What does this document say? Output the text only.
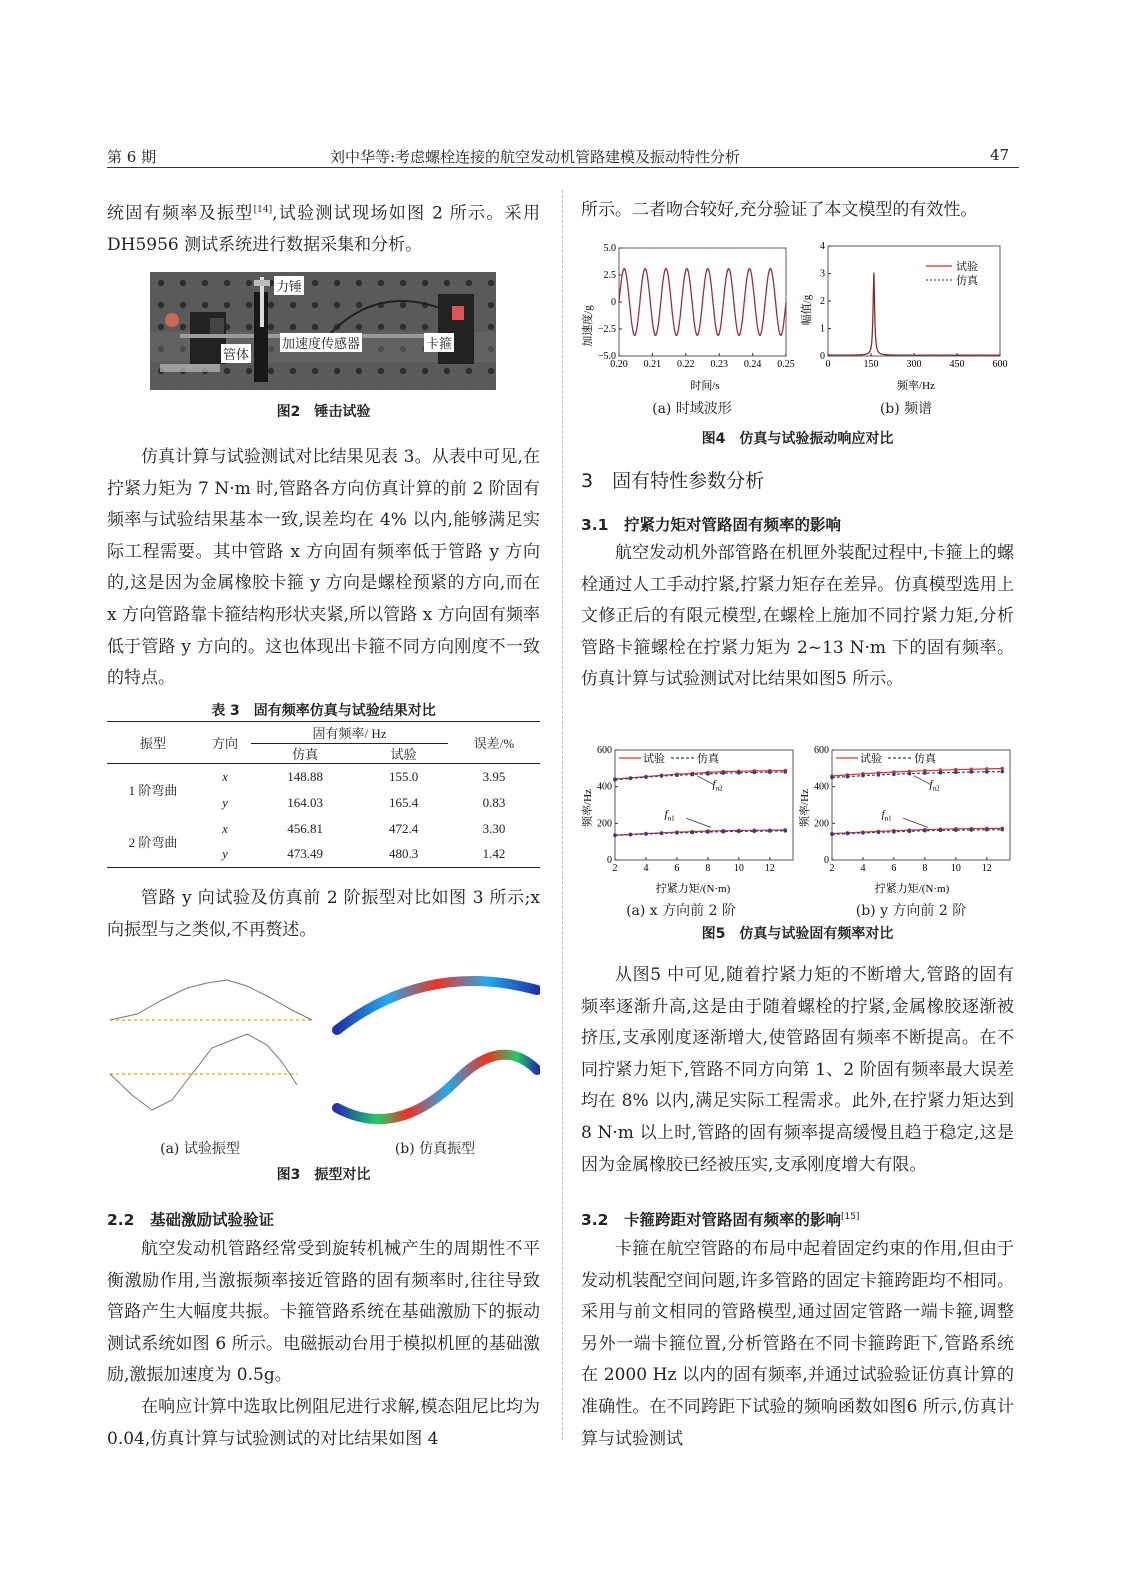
第 6 期	刘中华等:考虑螺栓连接的航空发动机管路建模及振动特性分析	47

统固有频率及振型[14],试验测试现场如图 2 所示。采用 DH5956 测试系统进行数据采集和分析。

力锤
管体
加速度传感器	卡箍
图2　锤击试验
仿真计算与试验测试对比结果见表 3。从表中可见,在拧紧力矩为 7 N·m 时,管路各方向仿真计算的前 2 阶固有频率与试验结果基本一致,误差均在 4% 以内,能够满足实际工程需要。其中管路 x 方向固有频率低于管路 y 方向的,这是因为金属橡胶卡箍 y 方向是螺栓预紧的方向,而在 x 方向管路靠卡箍结构形状夹紧,所以管路 x 方向固有频率低于管路 y 方向的。这也体现出卡箍不同方向刚度不一致的特点。
表 3　固有频率仿真与试验结果对比
振型	方向	固有频率/ Hz		误差/%
		仿真	试验	
1 阶弯曲	x	148.88	155.0	3.95
	y	164.03	165.4	0.83
2 阶弯曲	x	456.81	472.4	3.30
	y	473.49	480.3	1.42
管路 y 向试验及仿真前 2 阶振型对比如图 3 所示;x 向振型与之类似,不再赘述。
(a) 试验振型	(b) 仿真振型
图3　振型对比
2.2　基础激励试验验证
航空发动机管路经常受到旋转机械产生的周期性不平衡激励作用,当激振频率接近管路的固有频率时,往往导致管路产生大幅度共振。卡箍管路系统在基础激励下的振动测试系统如图 6 所示。电磁振动台用于模拟机匣的基础激励,激振加速度为 0.5g。
在响应计算中选取比例阻尼进行求解,模态阻尼比均为 0.04,仿真计算与试验测试的对比结果如图 4
所示。二者吻合较好,充分验证了本文模型的有效性。
5.0
2.5
0
−2.5
−5.0
0.20 0.21 0.22 0.23 0.24 0.25
加速度/g
时间/s
4
3
2
1
0
0	150	300	450	600
幅值/g
频率/Hz
试验
仿真
(a) 时域波形	(b) 频谱
图4　仿真与试验振动响应对比
3　固有特性参数分析
3.1　拧紧力矩对管路固有频率的影响
航空发动机外部管路在机匣外装配过程中,卡箍上的螺栓通过人工手动拧紧,拧紧力矩存在差异。仿真模型选用上文修正后的有限元模型,在螺栓上施加不同拧紧力矩,分析管路卡箍螺栓在拧紧力矩为 2~13 N·m 下的固有频率。仿真计算与试验测试对比结果如图5 所示。
600
400
200
0
2	4	6	8 10 12
试验	仿真
$f_{n2}$
$f_{n1}$
频率/Hz
拧紧力矩/(N·m)
600
400
200
0
2	4	6	8 10 12
试验	仿真
$f_{n2}$
$f_{n1}$
频率/Hz
拧紧力矩/(N·m)
(a) x 方向前 2 阶	(b) y 方向前 2 阶
图5　仿真与试验固有频率对比
从图5 中可见,随着拧紧力矩的不断增大,管路的固有频率逐渐升高,这是由于随着螺栓的拧紧,金属橡胶逐渐被挤压,支承刚度逐渐增大,使管路固有频率不断提高。在不同拧紧力矩下,管路不同方向第 1、2 阶固有频率最大误差均在 8% 以内,满足实际工程需求。此外,在拧紧力矩达到 8 N·m 以上时,管路的固有频率提高缓慢且趋于稳定,这是因为金属橡胶已经被压实,支承刚度增大有限。
3.2　卡箍跨距对管路固有频率的影响[15]
卡箍在航空管路的布局中起着固定约束的作用,但由于发动机装配空间问题,许多管路的固定卡箍跨距均不相同。采用与前文相同的管路模型,通过固定管路一端卡箍,调整另外一端卡箍位置,分析管路在不同卡箍跨距下,管路系统在 2000 Hz 以内的固有频率,并通过试验验证仿真计算的准确性。在不同跨距下试验的频响函数如图6 所示,仿真计算与试验测试
